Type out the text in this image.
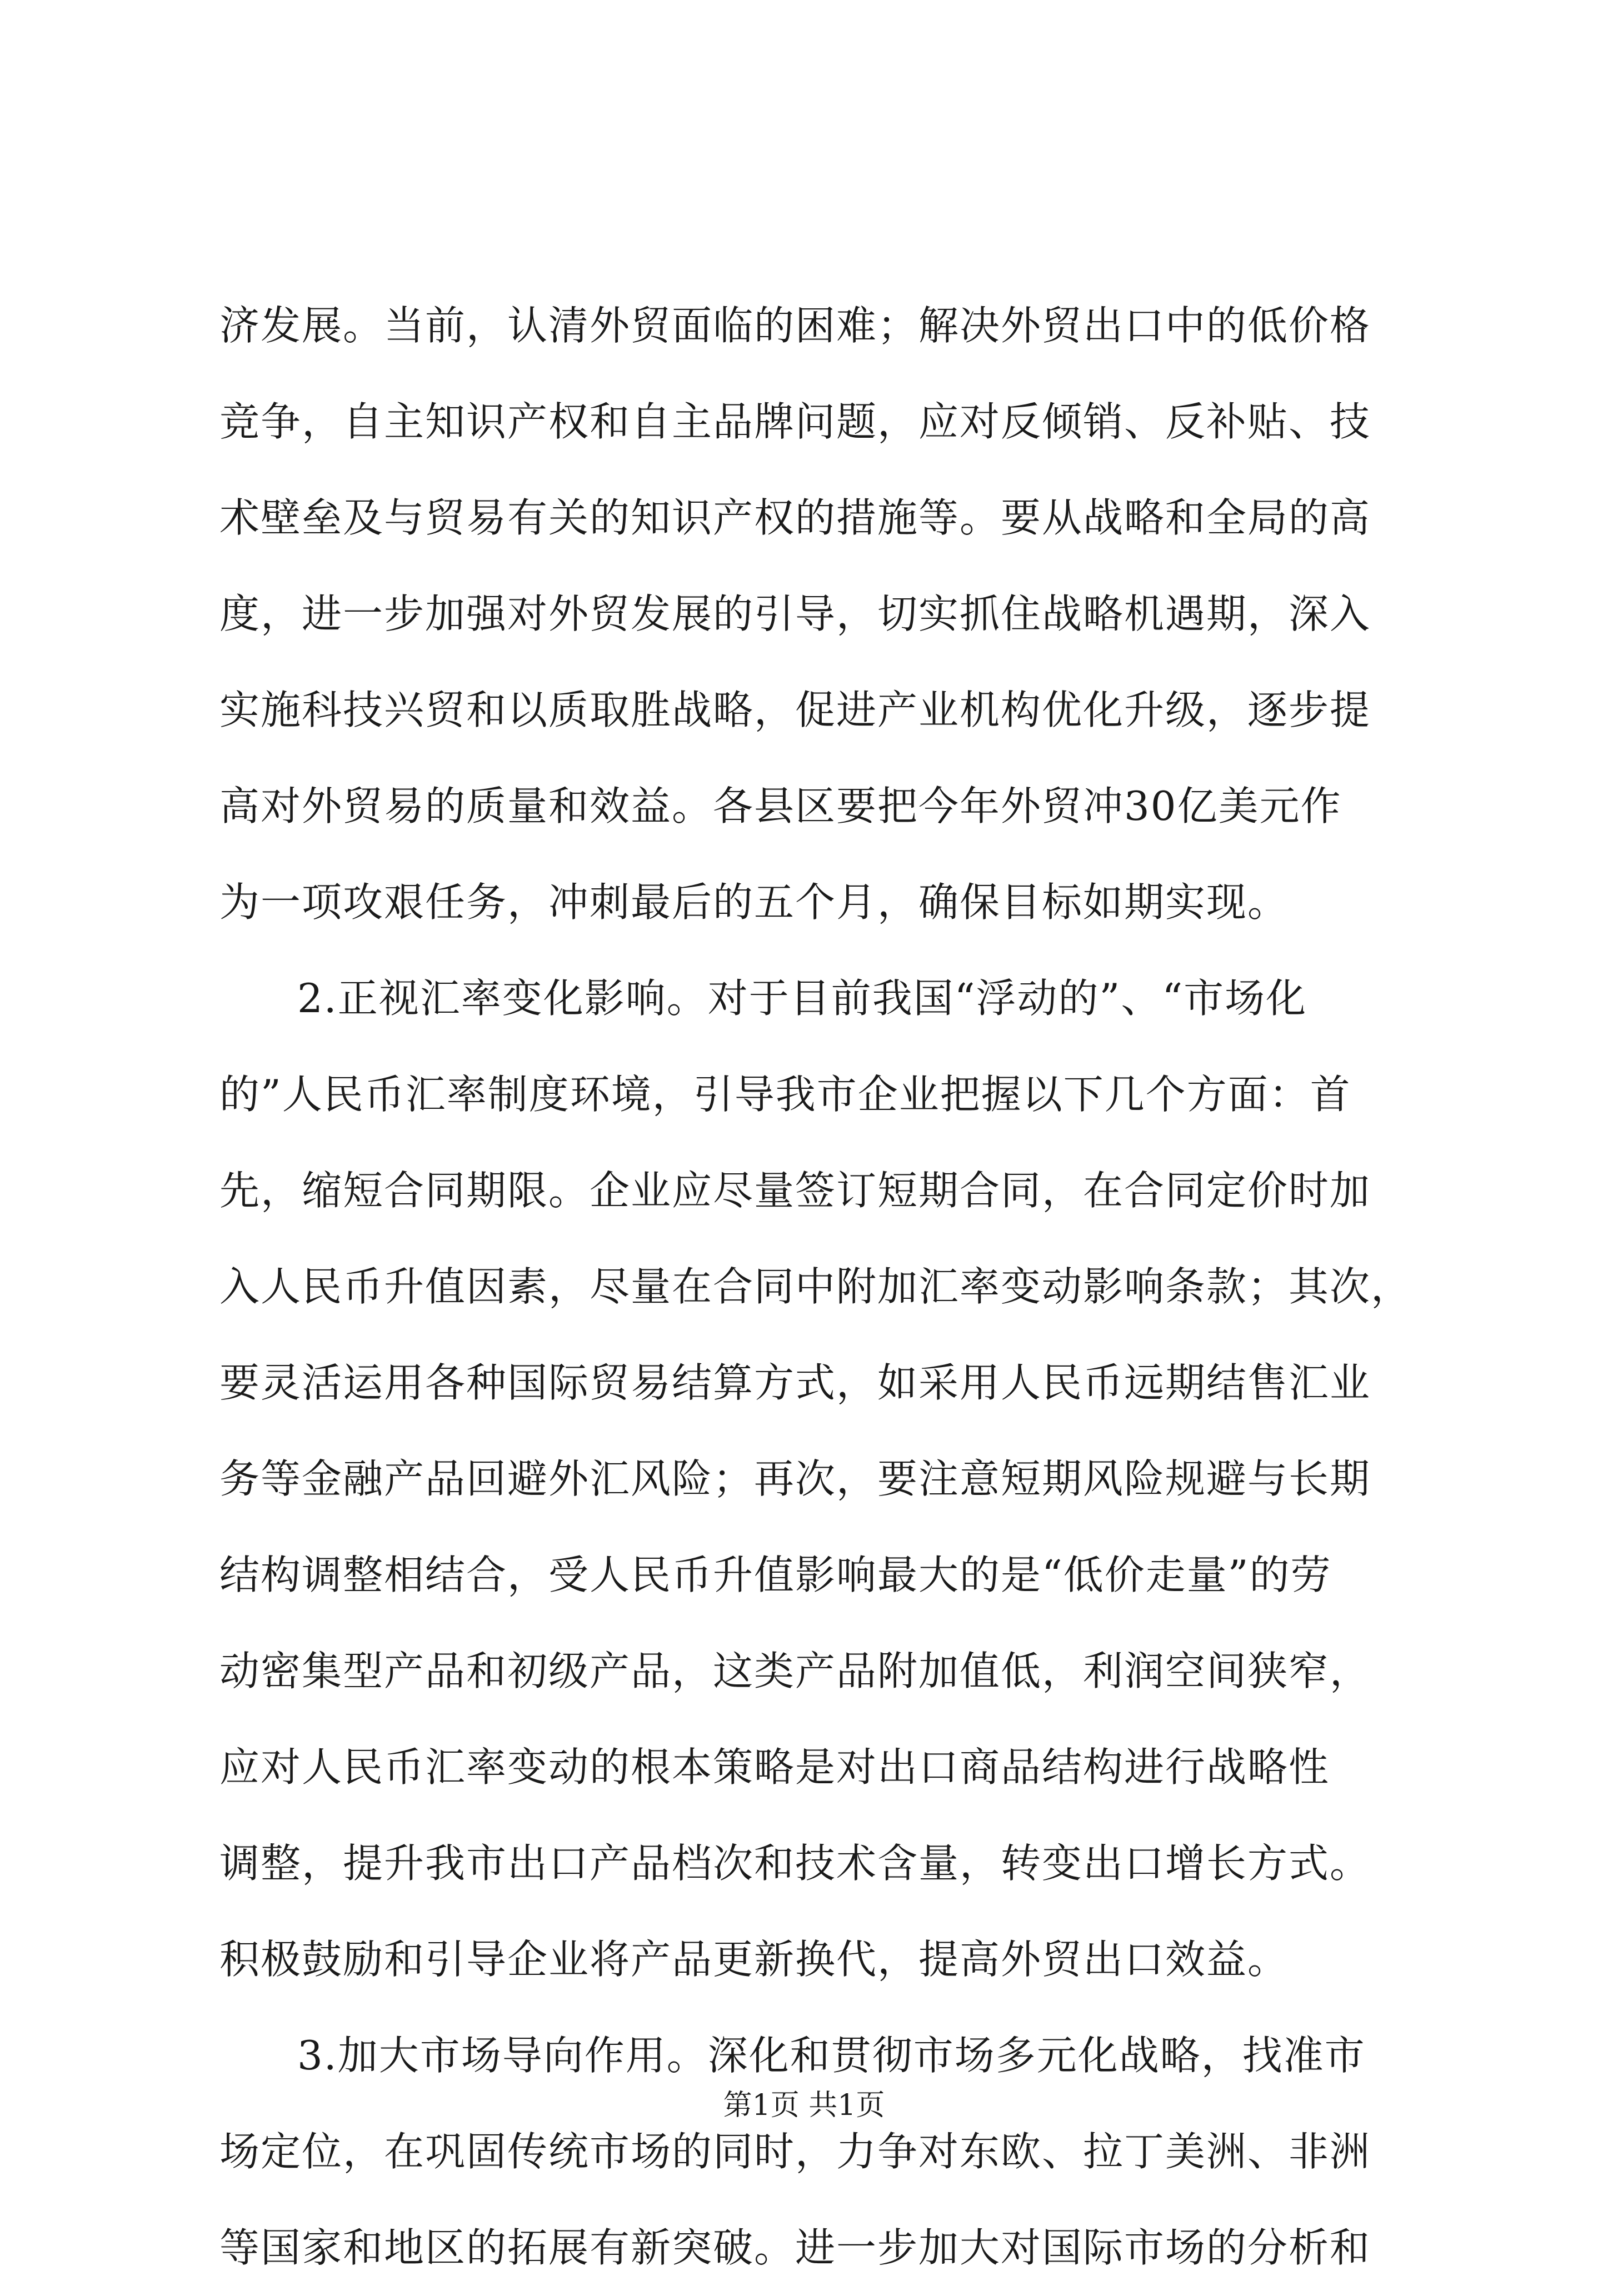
济发展。当前，认清外贸面临的困难；解决外贸出口中的低价格
竞争，自主知识产权和自主品牌问题，应对反倾销、反补贴、技
术壁垒及与贸易有关的知识产权的措施等。要从战略和全局的高
度，进一步加强对外贸发展的引导，切实抓住战略机遇期，深入
实施科技兴贸和以质取胜战略，促进产业机构优化升级，逐步提
高对外贸易的质量和效益。各县区要把今年外贸冲30亿美元作
为一项攻艰任务，冲刺最后的五个月，确保目标如期实现。
2.正视汇率变化影响。对于目前我国“浮动的”、“市场化
的”人民币汇率制度环境，引导我市企业把握以下几个方面：首
先，缩短合同期限。企业应尽量签订短期合同，在合同定价时加
入人民币升值因素，尽量在合同中附加汇率变动影响条款；其次，
要灵活运用各种国际贸易结算方式，如采用人民币远期结售汇业
务等金融产品回避外汇风险；再次，要注意短期风险规避与长期
结构调整相结合，受人民币升值影响最大的是“低价走量”的劳
动密集型产品和初级产品，这类产品附加值低，利润空间狭窄，
应对人民币汇率变动的根本策略是对出口商品结构进行战略性
调整，提升我市出口产品档次和技术含量，转变出口增长方式。
积极鼓励和引导企业将产品更新换代，提高外贸出口效益。
3.加大市场导向作用。深化和贯彻市场多元化战略，找准市
场定位，在巩固传统市场的同时，力争对东欧、拉丁美洲、非洲
等国家和地区的拓展有新突破。进一步加大对国际市场的分析和
第1页 共1页
